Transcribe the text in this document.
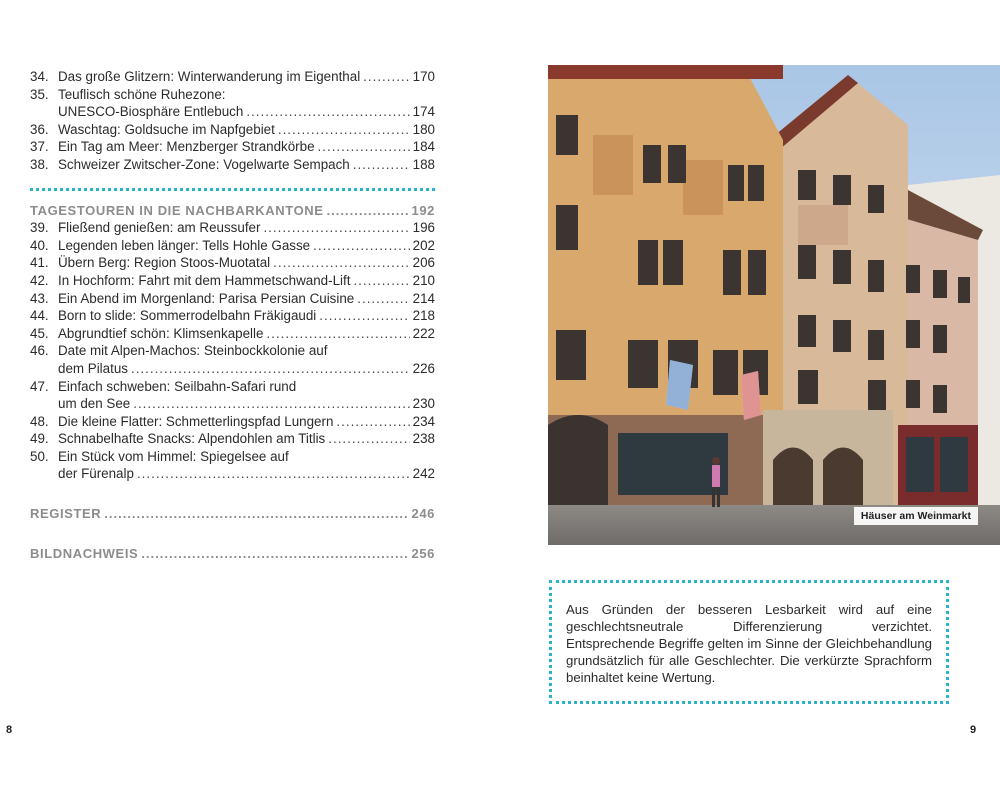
34. Das große Glitzern: Winterwanderung im Eigenthal .....	170
35. Teuflisch schöne Ruhezone:
UNESCO-Biosphäre Entlebuch .....	174
36. Waschtag: Goldsuche im Napfgebiet .....	180
37. Ein Tag am Meer: Menzberger Strandkörbe .....	184
38. Schweizer Zwitscher-Zone: Vogelwarte Sempach .....	188
TAGESTOUREN IN DIE NACHBARKANTONE .....	192
39. Fließend genießen: am Reussufer .....	196
40. Legenden leben länger: Tells Hohle Gasse .....	202
41. Übern Berg: Region Stoos-Muotatal .....	206
42. In Hochform: Fahrt mit dem Hammetschwand-Lift .....	210
43. Ein Abend im Morgenland: Parisa Persian Cuisine .....	214
44. Born to slide: Sommerrodelbahn Fräkigaudi .....	218
45. Abgrundtief schön: Klimsenkapelle .....	222
46. Date mit Alpen-Machos: Steinbockkolonie auf
dem Pilatus .....	226
47. Einfach schweben: Seilbahn-Safari rund
um den See .....	230
48. Die kleine Flatter: Schmetterlingspfad Lungern .....	234
49. Schnabelhafte Snacks: Alpendohlen am Titlis .....	238
50. Ein Stück vom Himmel: Spiegelsee auf
der Fürenalp .....	242
REGISTER .....	246
BILDNACHWEIS .....	256
Häuser am Weinmarkt
Aus Gründen der besseren Lesbarkeit wird auf eine geschlechtsneutrale Differenzierung verzichtet. Entsprechende Begriffe gelten im Sinne der Gleichbehandlung grundsätzlich für alle Geschlechter. Die verkürzte Sprachform beinhaltet keine Wertung.
8	9
